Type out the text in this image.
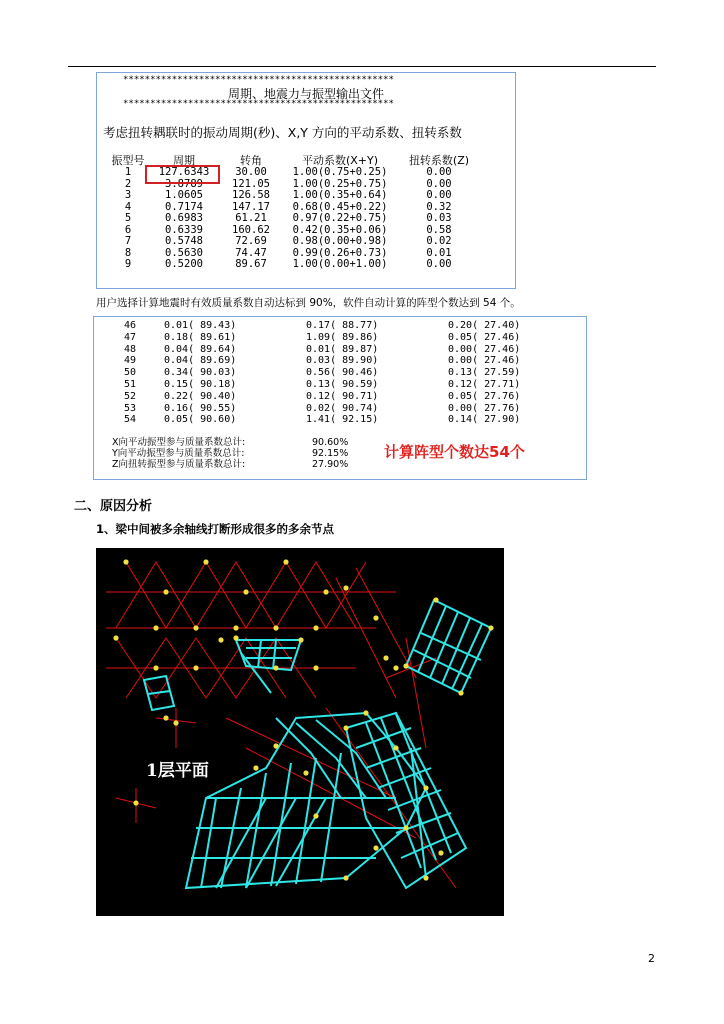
**************************************************
周期、地震力与振型输出文件
**************************************************
考虑扭转耦联时的振动周期(秒)、X,Y 方向的平动系数、扭转系数
振型号	周期	转角	平动系数(X+Y)	扭转系数(Z)
1	127.6343	30.00	1.00(0.75+0.25)	0.00
2	3.8789	121.05	1.00(0.25+0.75)	0.00
3	1.0605	126.58	1.00(0.35+0.64)	0.00
4	0.7174	147.17	0.68(0.45+0.22)	0.32
5	0.6983	61.21	0.97(0.22+0.75)	0.03
6	0.6339	160.62	0.42(0.35+0.06)	0.58
7	0.5748	72.69	0.98(0.00+0.98)	0.02
8	0.5630	74.47	0.99(0.26+0.73)	0.01
9	0.5200	89.67	1.00(0.00+1.00)	0.00
用户选择计算地震时有效质量系数自动达标到 90%，软件自动计算的阵型个数达到 54 个。
46	0.01( 89.43)	0.17( 88.77)	0.20( 27.40)
47	0.18( 89.61)	1.09( 89.86)	0.05( 27.46)
48	0.04( 89.64)	0.01( 89.87)	0.00( 27.46)
49	0.04( 89.69)	0.03( 89.90)	0.00( 27.46)
50	0.34( 90.03)	0.56( 90.46)	0.13( 27.59)
51	0.15( 90.18)	0.13( 90.59)	0.12( 27.71)
52	0.22( 90.40)	0.12( 90.71)	0.05( 27.76)
53	0.16( 90.55)	0.02( 90.74)	0.00( 27.76)
54	0.05( 90.60)	1.41( 92.15)	0.14( 27.90)
X向平动振型参与质量系数总计:	90.60%
Y向平动振型参与质量系数总计:	92.15%
Z向扭转振型参与质量系数总计:	27.90%
计算阵型个数达54个
二、原因分析
1、梁中间被多余轴线打断形成很多的多余节点
1层平面
2
